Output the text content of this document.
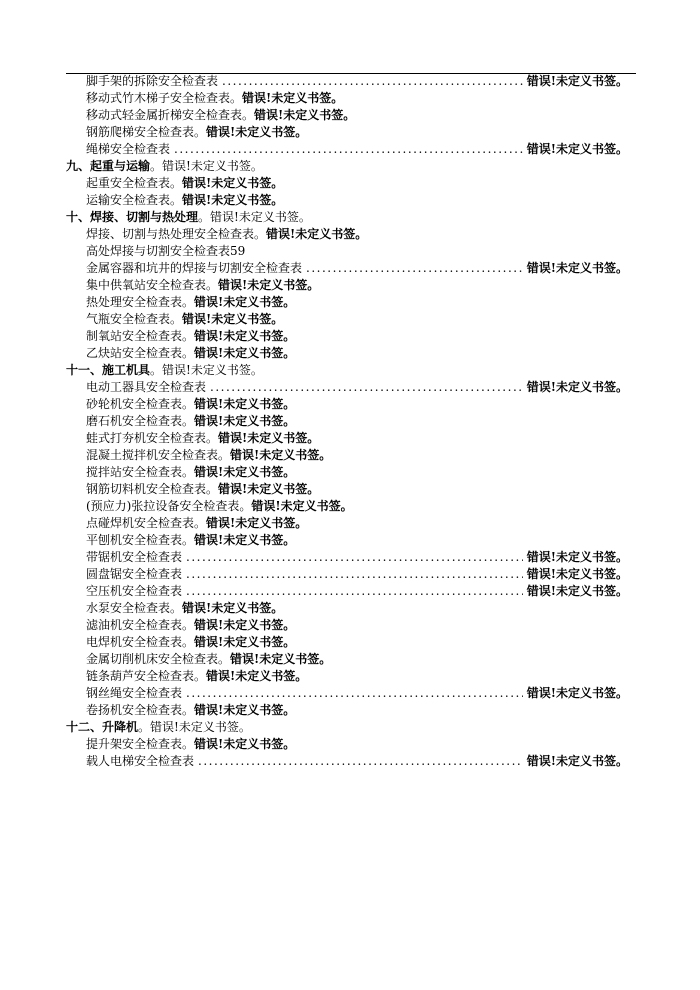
脚手架的拆除安全检查表 .....	错误!未定义书签。
移动式竹木梯子安全检查表 。 错误!未定义书签。
移动式轻金属折梯安全检查表 。 错误!未定义书签。
钢筋爬梯安全检查表 。 错误!未定义书签。
绳梯安全检查表 .....	错误!未定义书签。
九、起重与运输 。 错误!未定义书签。
起重安全检查表 。 错误!未定义书签。
运输安全检查表 。 错误!未定义书签。
十、焊接、切割与热处理 。 错误!未定义书签。
焊接、切割与热处理安全检查表 。 错误!未定义书签。
高处焊接与切割安全检查表59
金属容器和坑井的焊接与切割安全检查表 .....	错误!未定义书签。
集中供氧站安全检查表 。 错误!未定义书签。
热处理安全检查表 。 错误!未定义书签。
气瓶安全检查表 。 错误!未定义书签。
制氧站安全检查表 。 错误!未定义书签。
乙炔站安全检查表 。 错误!未定义书签。
十一、施工机具 。 错误!未定义书签。
电动工器具安全检查表 .....	错误!未定义书签。
砂轮机安全检查表 。 错误!未定义书签。
磨石机安全检查表 。 错误!未定义书签。
蛙式打夯机安全检查表 。 错误!未定义书签。
混凝土搅拌机安全检查表 。 错误!未定义书签。
搅拌站安全检查表 。 错误!未定义书签。
钢筋切料机安全检查表 。 错误!未定义书签。
(预应力)张拉设备安全检查表 。 错误!未定义书签。
点碰焊机安全检查表 。 错误!未定义书签。
平刨机安全检查表 。 错误!未定义书签。
带锯机安全检查表 .....	错误!未定义书签。
圆盘锯安全检查表 .....	错误!未定义书签。
空压机安全检查表 .....	错误!未定义书签。
水泵安全检查表 。 错误!未定义书签。
滤油机安全检查表 。 错误!未定义书签。
电焊机安全检查表 。 错误!未定义书签。
金属切削机床安全检查表 。 错误!未定义书签。
链条葫芦安全检查表 。 错误!未定义书签。
钢丝绳安全检查表 .....	错误!未定义书签。
卷扬机安全检查表 。 错误!未定义书签。
十二、升降机 。 错误!未定义书签。
提升架安全检查表 。 错误!未定义书签。
载人电梯安全检查表 .....	错误!未定义书签。
